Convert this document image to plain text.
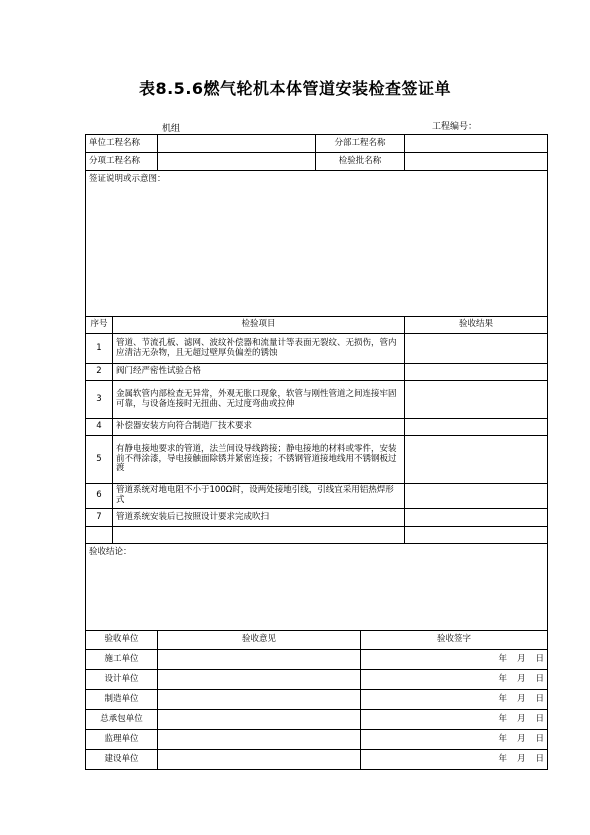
表8.5.6燃气轮机本体管道安装检查签证单
机组	工程编号：
单位工程名称			分部工程名称		
分项工程名称			检验批名称		
签证说明或示意图：					
序号	检验项目				验收结果
1	管道、节流孔板、滤网、波纹补偿器和流量计等表面无裂纹、无损伤，管内应清洁无杂物，且无超过壁厚负偏差的锈蚀				
2	阀门经严密性试验合格				
3	金属软管内部检查无异常，外观无胀口现象，软管与刚性管道之间连接牢固可靠，与设备连接时无扭曲、无过度弯曲或拉伸				
4	补偿器安装方向符合制造厂技术要求				
5	有静电接地要求的管道，法兰间设导线跨接；静电接地的材料或零件，安装前不得涂漆，导电接触面除锈并紧密连接；不锈钢管道接地线用不锈钢板过渡				
6	管道系统对地电阻不小于100Ω时，设两处接地引线，引线宜采用铝热焊形式				
7	管道系统安装后已按照设计要求完成吹扫				

验收结论：					
验收单位		验收意见		验收签字	
施工单位				年 月 日	
设计单位				年 月 日	
制造单位				年 月 日	
总承包单位				年 月 日	
监理单位				年 月 日	
建设单位				年 月 日	
